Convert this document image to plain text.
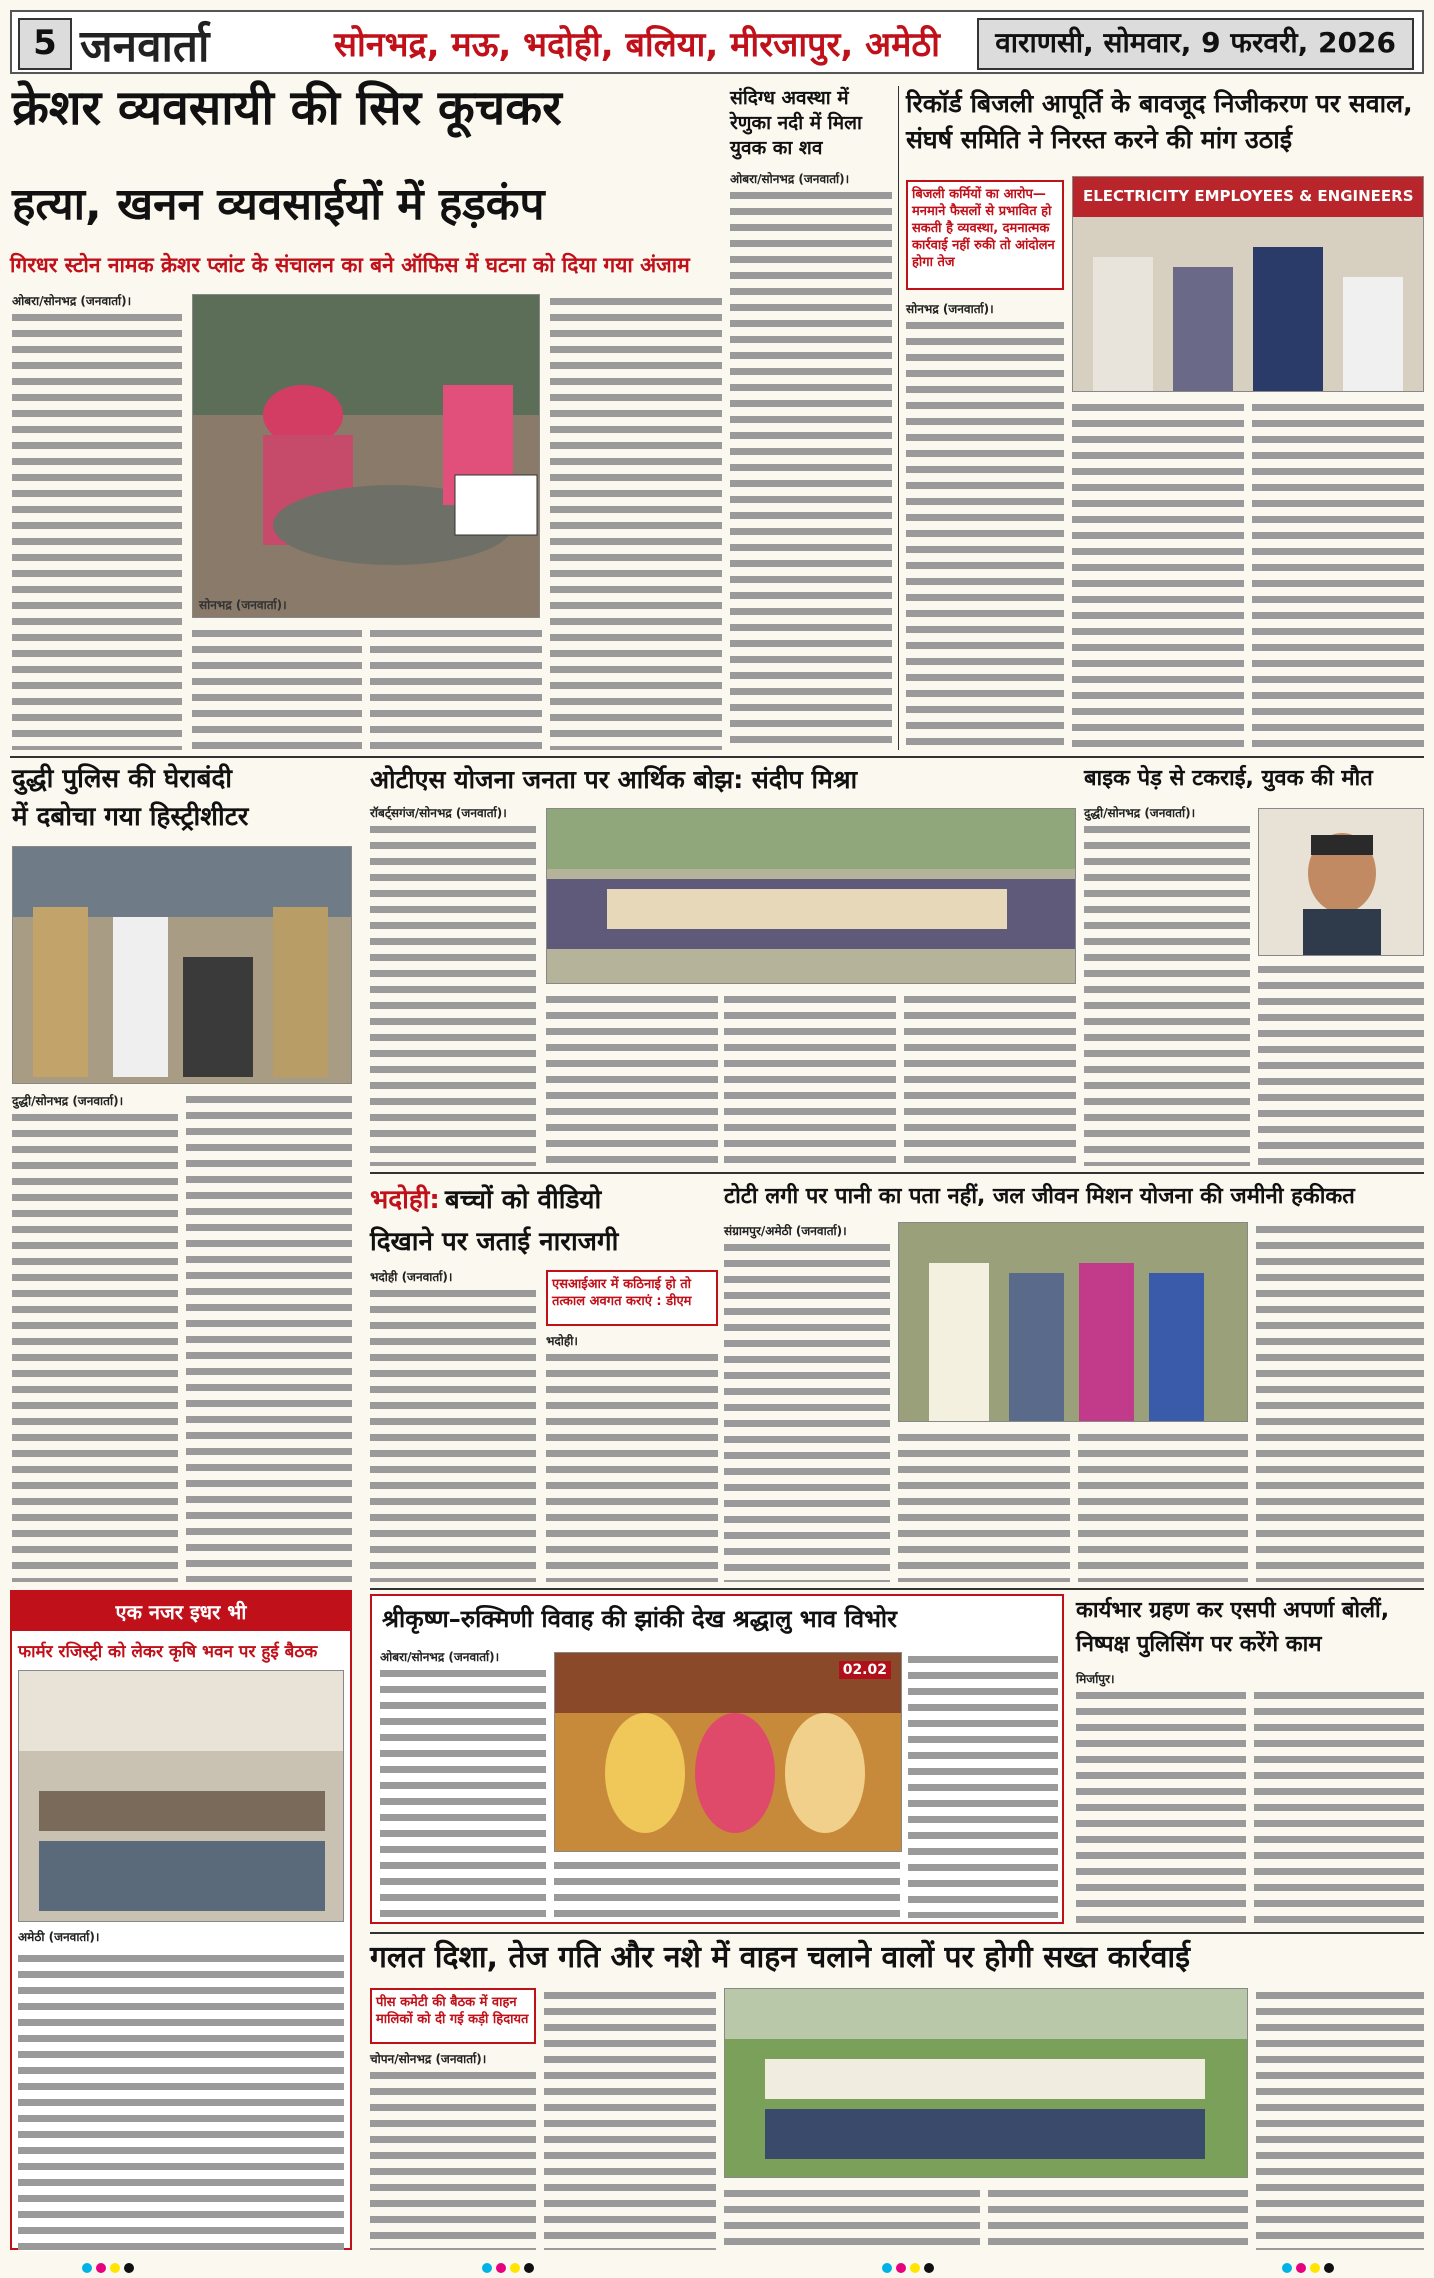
5 जनवार्ता	सोनभद्र, मऊ, भदोही, बलिया, मीरजापुर, अमेठी	वाराणसी, सोमवार, 9 फरवरी, 2026
क्रेशर व्यवसायी की सिर कूचकर
हत्या, खनन व्यवसाईयों में हड़कंप
गिरधर स्टोन नामक क्रेशर प्लांट के संचालन का बने ऑफिस में घटना को दिया गया अंजाम
ओबरा/सोनभद्र (जनवार्ता)।
सोनभद्र (जनवार्ता)।
संदिग्ध अवस्था में रेणुका नदी में मिला युवक का शव
ओबरा/सोनभद्र (जनवार्ता)।
रिकॉर्ड बिजली आपूर्ति के बावजूद निजीकरण पर सवाल, संघर्ष समिति ने निरस्त करने की मांग उठाई
बिजली कर्मियों का आरोप—मनमाने फैसलों से प्रभावित हो सकती है व्यवस्था, दमनात्मक कार्रवाई नहीं रुकी तो आंदोलन होगा तेज
सोनभद्र (जनवार्ता)।
ELECTRICITY EMPLOYEES & ENGINEERS
दुद्धी पुलिस की घेराबंदी
में दबोचा गया हिस्ट्रीशीटर
दुद्धी/सोनभद्र (जनवार्ता)।
ओटीएस योजना जनता पर आर्थिक बोझ: संदीप मिश्रा
रॉबर्ट्सगंज/सोनभद्र (जनवार्ता)।
बाइक पेड़ से टकराई, युवक की मौत
दुद्धी/सोनभद्र (जनवार्ता)।
भदोही: बच्चों को वीडियो
दिखाने पर जताई नाराजगी
भदोही (जनवार्ता)।	एसआईआर में कठिनाई हो तो तत्काल अवगत कराएं : डीएम
भदोही।
टोटी लगी पर पानी का पता नहीं, जल जीवन मिशन योजना की जमीनी हकीकत
संग्रामपुर/अमेठी (जनवार्ता)।
एक नजर इधर भी
फार्मर रजिस्ट्री को लेकर कृषि भवन पर हुई बैठक
अमेठी (जनवार्ता)।
श्रीकृष्ण–रुक्मिणी विवाह की झांकी देख श्रद्धालु भाव विभोर
ओबरा/सोनभद्र (जनवार्ता)।
02.02
कार्यभार ग्रहण कर एसपी अपर्णा बोलीं, निष्पक्ष पुलिसिंग पर करेंगे काम
मिर्जापुर।
गलत दिशा, तेज गति और नशे में वाहन चलाने वालों पर होगी सख्त कार्रवाई
पीस कमेटी की बैठक में वाहन मालिकों को दी गई कड़ी हिदायत
चोपन/सोनभद्र (जनवार्ता)।
